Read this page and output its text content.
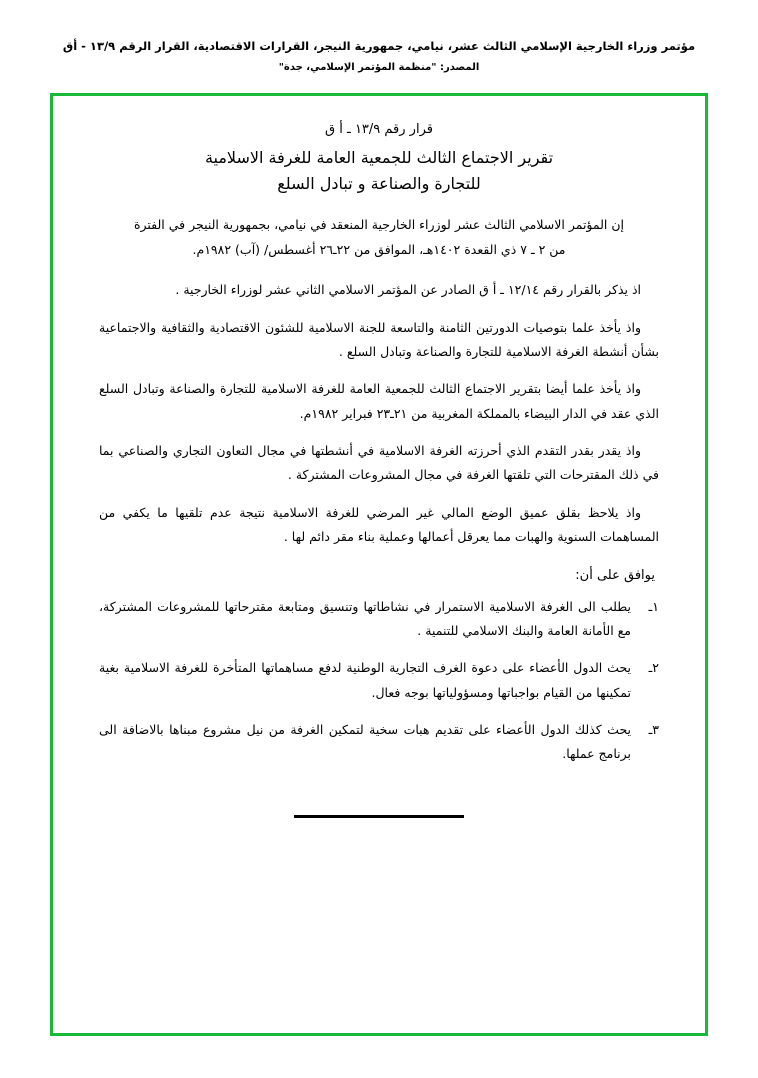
مؤتمر وزراء الخارجية الإسلامي الثالث عشر، نيامي، جمهورية النيجر، القرارات الاقتصادية، القرار الرقم ١٣/٩ - أق
المصدر: "منظمة المؤتمر الإسلامي، جدة"
قرار رقم ١٣/٩ ـ أ ق
تقرير الاجتماع الثالث للجمعية العامة للغرفة الاسلامية
للتجارة والصناعة و تبادل السلع
إن المؤتمر الاسلامي الثالث عشر لوزراء الخارجية المنعقد في نيامي، بجمهورية النيجر في الفترة
من ٢ ـ ٧ ذي القعدة ١٤٠٢هـ، الموافق من ٢٢ـ٢٦ أغسطس/ (آب) ١٩٨٢م.

اذ يذكر بالقرار رقم ١٢/١٤ ـ أ ق الصادر عن المؤتمر الاسلامي الثاني عشر لوزراء الخارجية .

واذ يأخذ علما بتوصيات الدورتين الثامنة والتاسعة للجنة الاسلامية للشئون الاقتصادية والثقافية والاجتماعية بشأن أنشطة الغرفة الاسلامية للتجارة والصناعة وتبادل السلع .

واذ يأخذ علما أيضا بتقرير الاجتماع الثالث للجمعية العامة للغرفة الاسلامية للتجارة والصناعة وتبادل السلع الذي عقد في الدار البيضاء بالمملكة المغربية من ٢١ـ٢٣ فبراير ١٩٨٢م.

واذ يقدر بقدر التقدم الذي أحرزته الغرفة الاسلامية في أنشطتها في مجال التعاون التجاري والصناعي بما في ذلك المقترحات التي تلقتها الغرفة في مجال المشروعات المشتركة .

واذ يلاحظ بقلق عميق الوضع المالي غير المرضي للغرفة الاسلامية نتيجة عدم تلقيها ما يكفي من المساهمات السنوية والهبات مما يعرقل أعمالها وعملية بناء مقر دائم لها .

يوافق على أن:
١ـ
يطلب الى الغرفة الاسلامية الاستمرار في نشاطاتها وتنسيق ومتابعة مقترحاتها للمشروعات المشتركة، مع الأمانة العامة والبنك الاسلامي للتنمية .
٢ـ
يحث الدول الأعضاء على دعوة الغرف التجارية الوطنية لدفع مساهماتها المتأخرة للغرفة الاسلامية بغية تمكينها من القيام بواجباتها ومسؤولياتها بوجه فعال.
٣ـ
يحث كذلك الدول الأعضاء على تقديم هبات سخية لتمكين الغرفة من نيل مشروع مبناها بالاضافة الى برنامج عملها.
